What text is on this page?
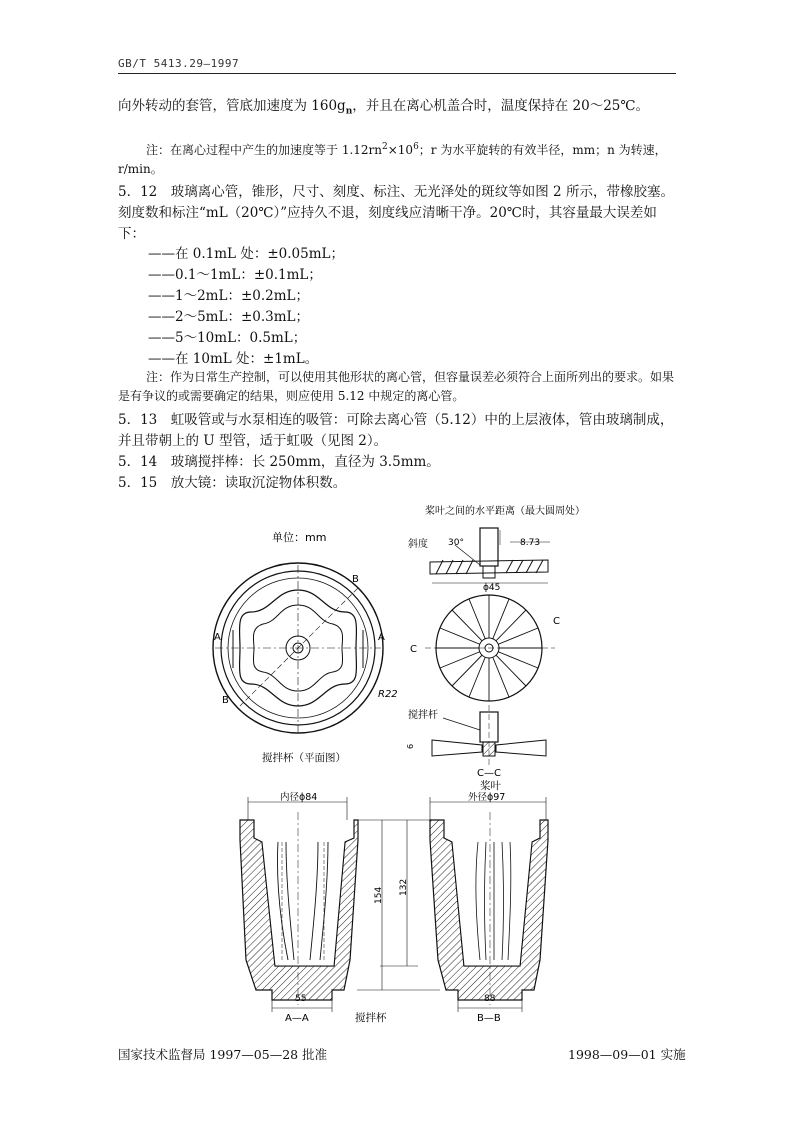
GB/T 5413.29—1997
向外转动的套管，管底加速度为 $160g_n$，并且在离心机盖合时，温度保持在 20～25℃。
注：在离心过程中产生的加速度等于 $1.12rn^2\times 10^6$；r 为水平旋转的有效半径，mm；n 为转速，r/min。
5．12　玻璃离心管，锥形，尺寸、刻度、标注、无光泽处的斑纹等如图 2 所示，带橡胶塞。刻度数和标注“mL（20℃）”应持久不退，刻度线应清晰干净。20℃时，其容量最大误差如下：
——在 0.1mL 处：±0.05mL；
——0.1～1mL：±0.1mL；
——1～2mL：±0.2mL；
——2～5mL：±0.3mL；
——5～10mL：0.5mL；
——在 10mL 处：±1mL。
注：作为日常生产控制，可以使用其他形状的离心管，但容量误差必须符合上面所列出的要求。如果是有争议的或需要确定的结果，则应使用 5.12 中规定的离心管。
5．13　虹吸管或与水泵相连的吸管：可除去离心管（5.12）中的上层液体，管由玻璃制成，并且带朝上的 U 型管，适于虹吸（见图 2）。
5．14　玻璃搅拌棒：长 250mm，直径为 3.5mm。
5．15　放大镜：读取沉淀物体积数。
桨叶之间的水平距离（最大圆周处）
单位：mm
A	A
B
B
R22
搅拌杯（平面图）
斜度 30°	8.73
ϕ45
C
C
搅拌杆
6
C—C
桨叶
内径ϕ84
55
A—A
154 132
搅拌杯
外径ϕ97
88
B—B
国家技术监督局 1997—05—28 批准	1998—09—01 实施
